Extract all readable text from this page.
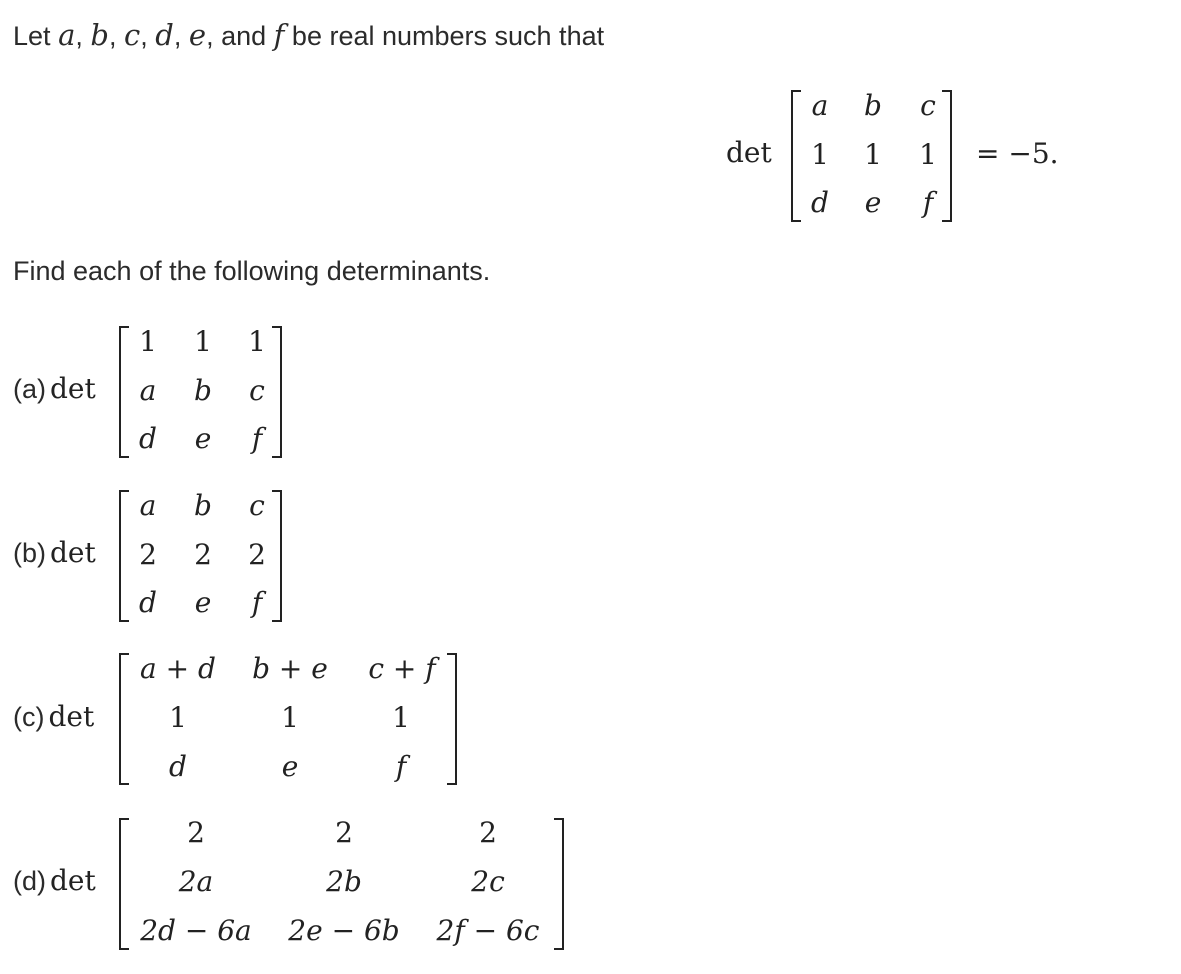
Let a, b, c, d, e, and f be real numbers such that
det
a	b	c
1	1	1
d	e	f
= −5.
Find each of the following determinants.
(a) det
1	1	1
a	b	c
d	e	f
(b) det
a	b	c
2	2	2
d	e	f
(c) det
a + d	b + e	c + f
1	1	1
d	e	f
(d) det
2	2	2
2a	2b	2c
2d − 6a	2e − 6b	2f − 6c
